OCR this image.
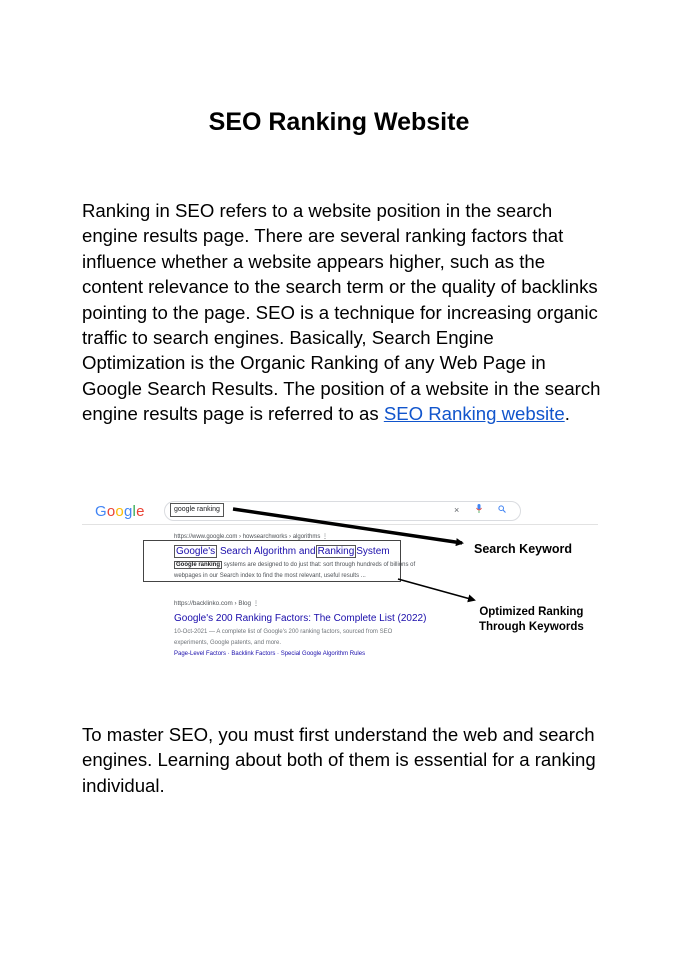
SEO Ranking Website

Ranking in SEO refers to a website position in the search engine results page. There are several ranking factors that influence whether a website appears higher, such as the content relevance to the search term or the quality of backlinks pointing to the page. SEO is a technique for increasing organic traffic to search engines. Basically, Search Engine Optimization is the Organic Ranking of any Web Page in Google Search Results. The position of a website in the search engine results page is referred to as SEO Ranking website.

Google	google ranking	×
https://www.google.com › howsearchworks › algorithms ⋮
Google's Search Algorithm and Ranking System
Google ranking systems are designed to do just that: sort through hundreds of billions of
webpages in our Search index to find the most relevant, useful results ...
https://backlinko.com › Blog ⋮
Google's 200 Ranking Factors: The Complete List (2022)
10-Oct-2021 — A complete list of Google's 200 ranking factors, sourced from SEO
experiments, Google patents, and more.
Page-Level Factors · Backlink Factors · Special Google Algorithm Rules
Search Keyword
Optimized Ranking
Through Keywords

To master SEO, you must first understand the web and search engines. Learning about both of them is essential for a ranking individual.
